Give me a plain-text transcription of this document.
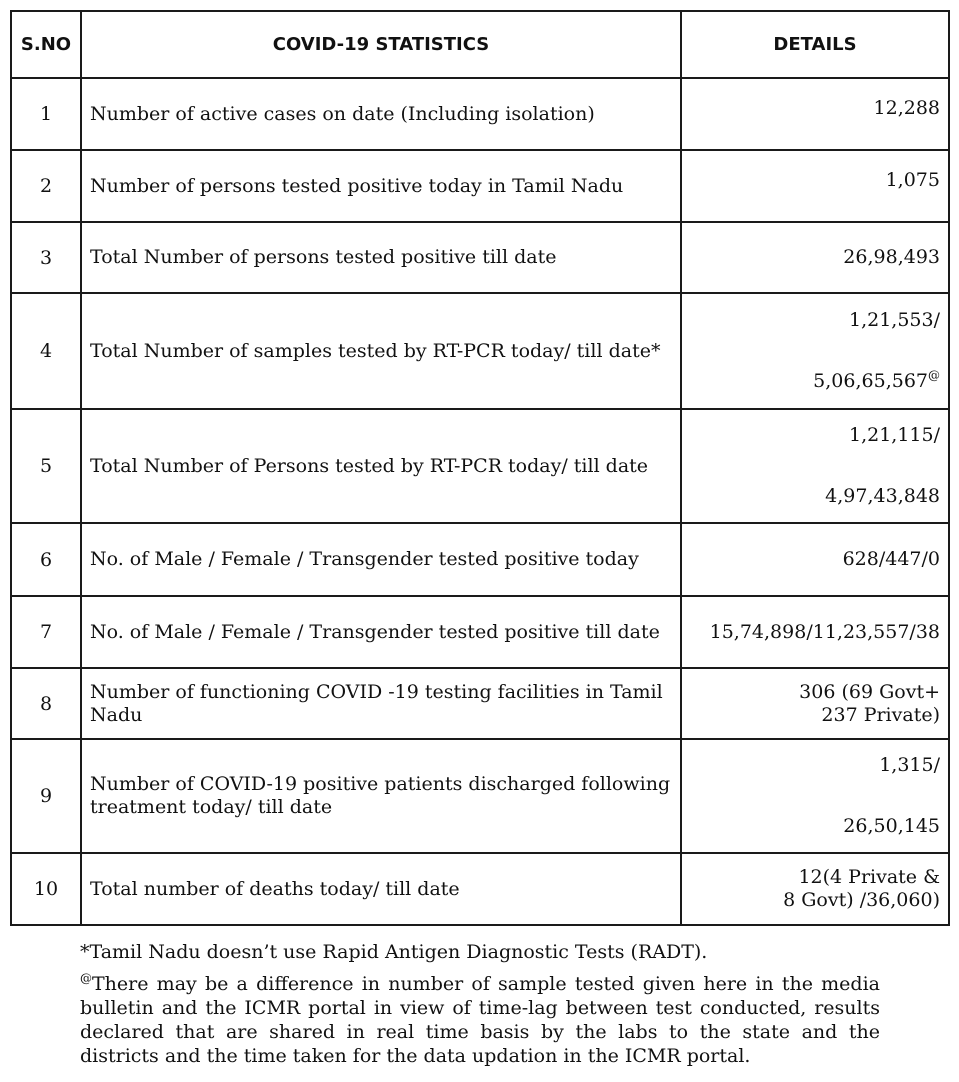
S.NO	COVID-19 STATISTICS	DETAILS
1	Number of active cases on date (Including isolation)	12,288
2	Number of persons tested positive today in Tamil Nadu	1,075
3	Total Number of persons tested positive till date	26,98,493
4	Total Number of samples tested by RT-PCR today/ till date*	1,21,553/
5,06,65,567@

5	Total Number of Persons tested by RT-PCR today/ till date	1,21,115/
4,97,43,848

6	No. of Male / Female / Transgender tested positive today	628/447/0
7	No. of Male / Female / Transgender tested positive till date	15,74,898/11,23,557/38
8	Number of functioning COVID -19 testing facilities in Tamil Nadu	306 (69 Govt+
237 Private)

9	Number of COVID-19 positive patients discharged following treatment today/ till date	1,315/
26,50,145

10	Total number of deaths today/ till date	12(4 Private &
8 Govt) /36,060)

*Tamil Nadu doesn’t use Rapid Antigen Diagnostic Tests (RADT).

@There may be a difference in number of sample tested given here in the media bulletin and the ICMR portal in view of time-lag between test conducted, results declared that are shared in real time basis by the labs to the state and the districts and the time taken for the data updation in the ICMR portal.
